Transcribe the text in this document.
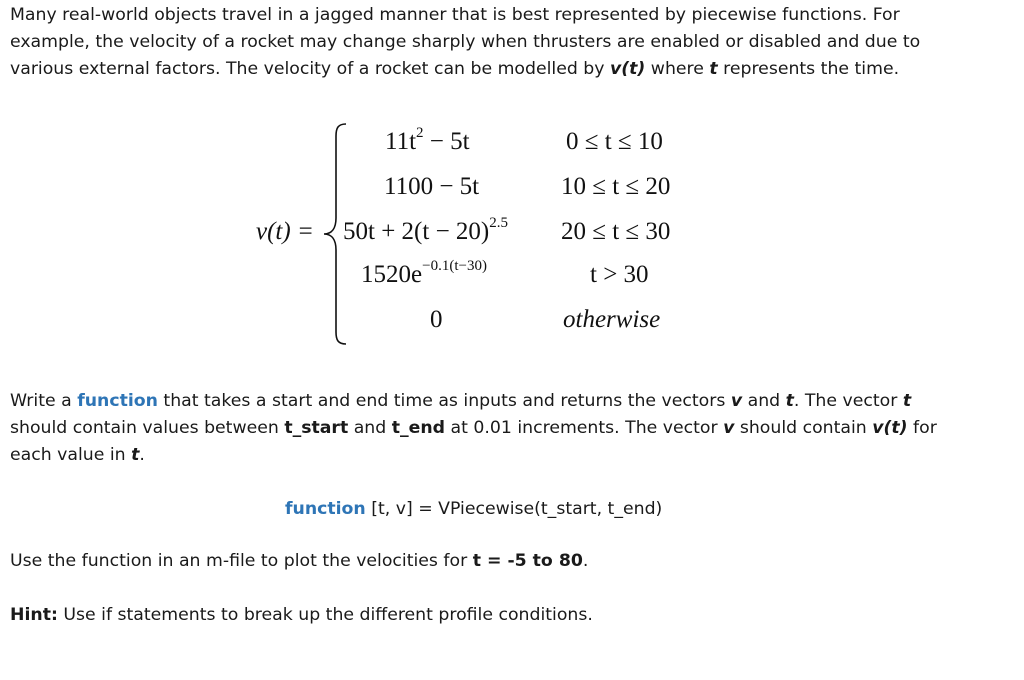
Many real-world objects travel in a jagged manner that is best represented by piecewise functions. For
example, the velocity of a rocket may change sharply when thrusters are enabled or disabled and due to
various external factors. The velocity of a rocket can be modelled by v(t) where t represents the time.

v(t) =
$11t^2 - 5t$	0 ≤ t ≤ 10
1100 − 5t	10 ≤ t ≤ 20
$50t + 2(t - 20)^{2.5}$ 20 ≤ t ≤ 30
$1520e^{-0.1(t-30)}$	t > 30
0	otherwise

Write a function that takes a start and end time as inputs and returns the vectors v and t. The vector t
should contain values between t_start and t_end at 0.01 increments. The vector v should contain v(t) for
each value in t.

function [t, v] = VPiecewise(t_start, t_end)

Use the function in an m-file to plot the velocities for t = -5 to 80.

Hint: Use if statements to break up the different profile conditions.
